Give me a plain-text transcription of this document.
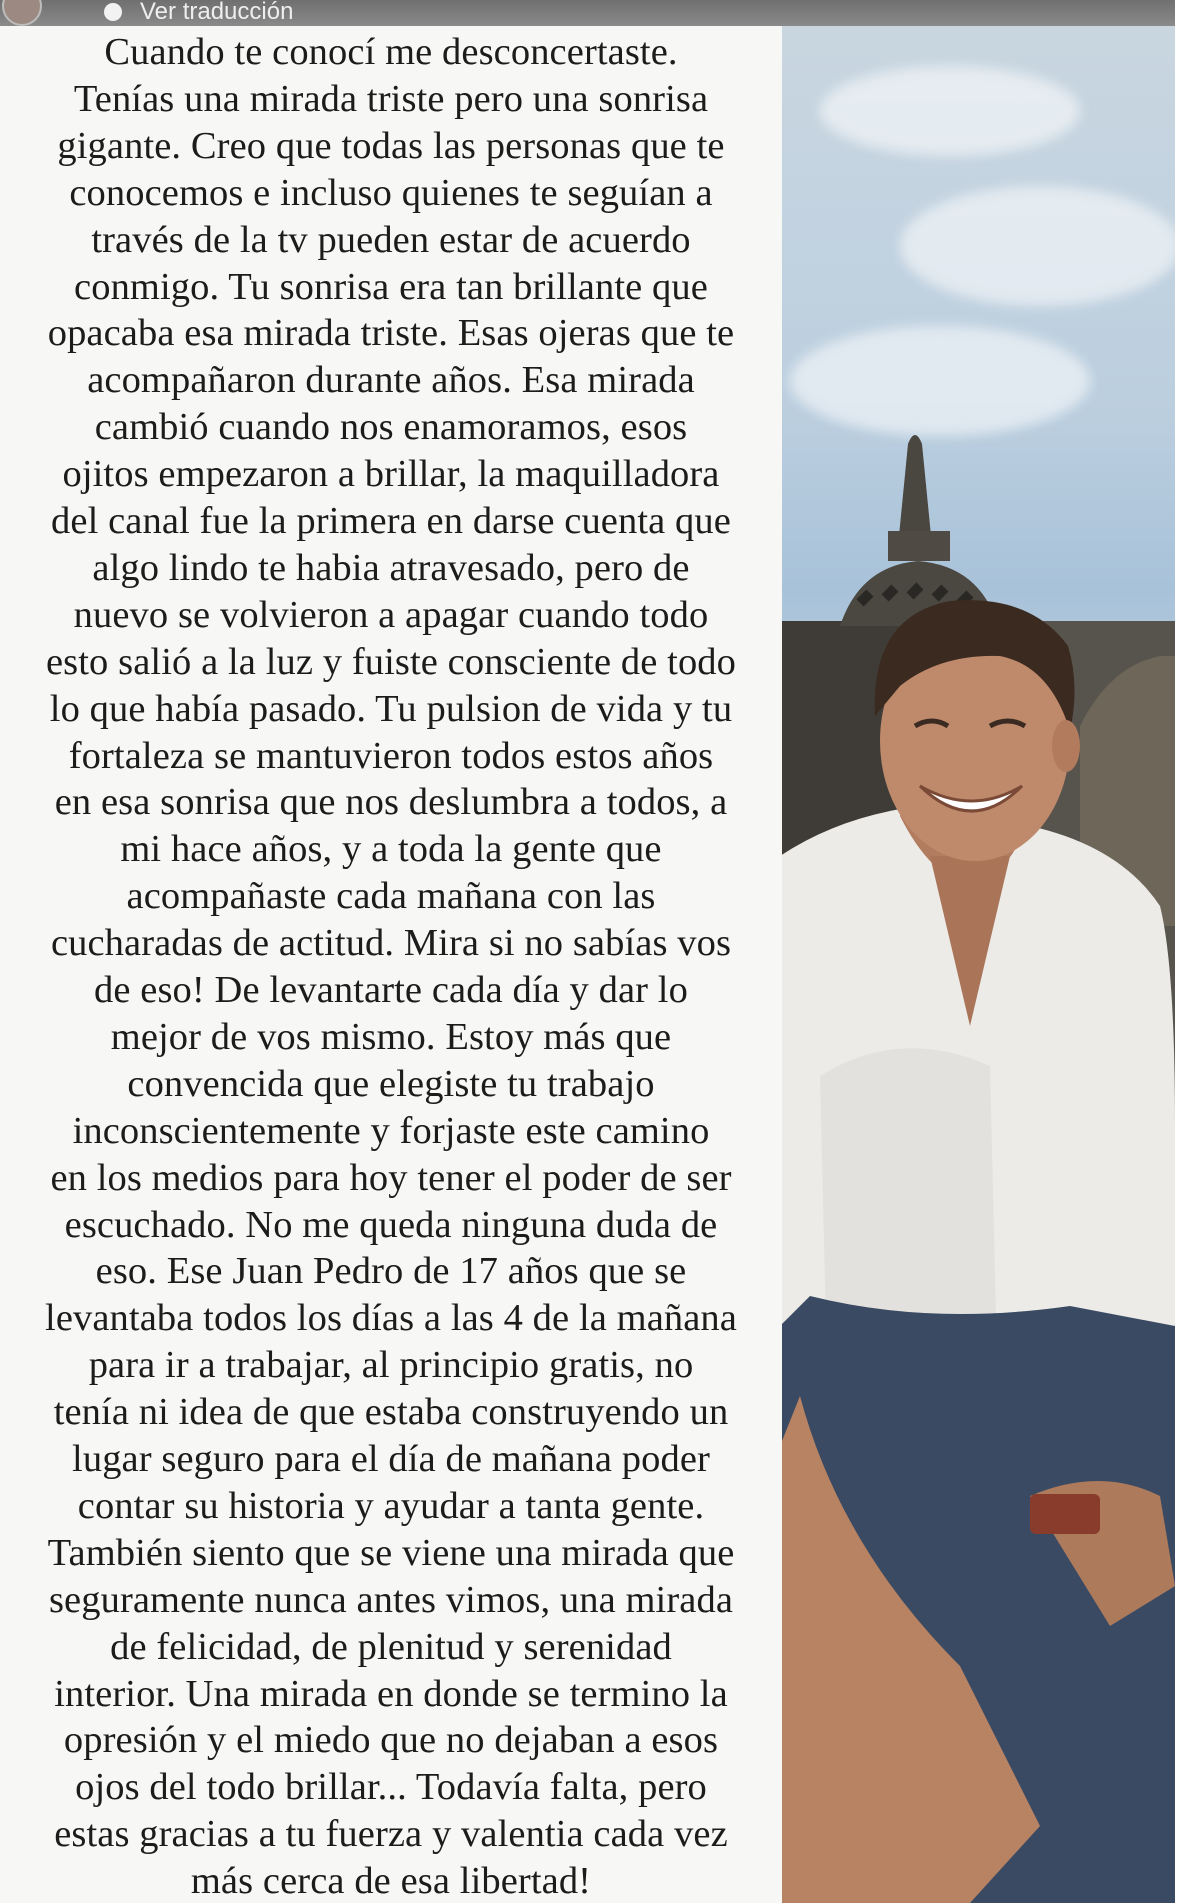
Ver traducción
Cuando te conocí me desconcertaste.
Tenías una mirada triste pero una sonrisa
gigante. Creo que todas las personas que te
conocemos e incluso quienes te seguían a
través de la tv pueden estar de acuerdo
conmigo. Tu sonrisa era tan brillante que
opacaba esa mirada triste. Esas ojeras que te
acompañaron durante años. Esa mirada
cambió cuando nos enamoramos, esos
ojitos empezaron a brillar, la maquilladora
del canal fue la primera en darse cuenta que
algo lindo te habia atravesado, pero de
nuevo se volvieron a apagar cuando todo
esto salió a la luz y fuiste consciente de todo
lo que había pasado. Tu pulsion de vida y tu
fortaleza se mantuvieron todos estos años
en esa sonrisa que nos deslumbra a todos, a
mi hace años, y a toda la gente que
acompañaste cada mañana con las
cucharadas de actitud. Mira si no sabías vos
de eso! De levantarte cada día y dar lo
mejor de vos mismo. Estoy más que
convencida que elegiste tu trabajo
inconscientemente y forjaste este camino
en los medios para hoy tener el poder de ser
escuchado. No me queda ninguna duda de
eso. Ese Juan Pedro de 17 años que se
levantaba todos los días a las 4 de la mañana
para ir a trabajar, al principio gratis, no
tenía ni idea de que estaba construyendo un
lugar seguro para el día de mañana poder
contar su historia y ayudar a tanta gente.
También siento que se viene una mirada que
seguramente nunca antes vimos, una mirada
de felicidad, de plenitud y serenidad
interior. Una mirada en donde se termino la
opresión y el miedo que no dejaban a esos
ojos del todo brillar... Todavía falta, pero
estas gracias a tu fuerza y valentia cada vez
más cerca de esa libertad!
